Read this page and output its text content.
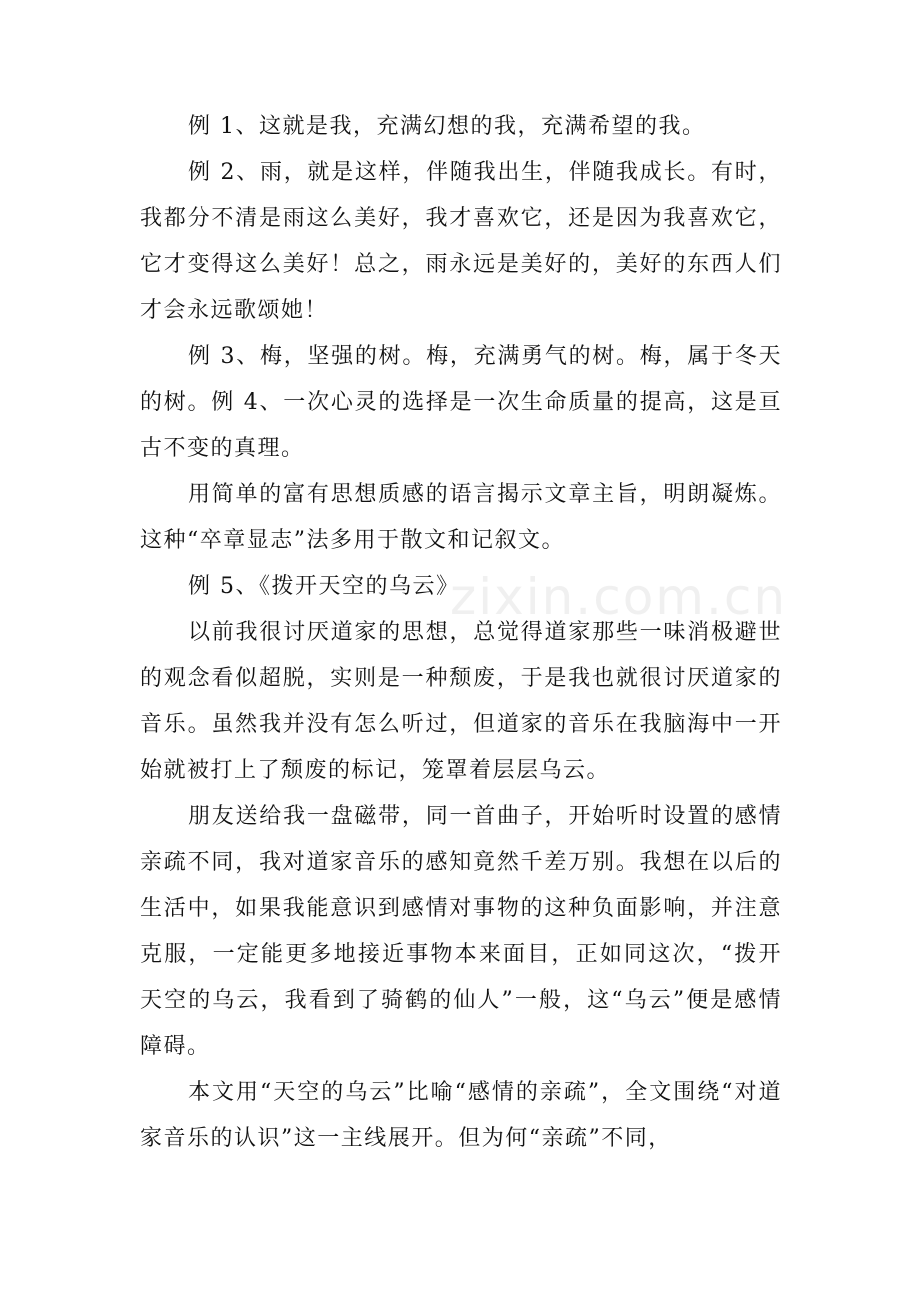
例 1、这就是我，充满幻想的我，充满希望的我。

例 2、雨，就是这样，伴随我出生，伴随我成长。有时，我都分不清是雨这么美好，我才喜欢它，还是因为我喜欢它，它才变得这么美好！总之，雨永远是美好的，美好的东西人们才会永远歌颂她！

例 3、梅，坚强的树。梅，充满勇气的树。梅，属于冬天的树。例 4、一次心灵的选择是一次生命质量的提高，这是亘古不变的真理。

用简单的富有思想质感的语言揭示文章主旨，明朗凝炼。这种“卒章显志”法多用于散文和记叙文。

例 5、《拨开天空的乌云》

以前我很讨厌道家的思想，总觉得道家那些一味消极避世的观念看似超脱，实则是一种颓废，于是我也就很讨厌道家的音乐。虽然我并没有怎么听过，但道家的音乐在我脑海中一开始就被打上了颓废的标记，笼罩着层层乌云。

朋友送给我一盘磁带，同一首曲子，开始听时设置的感情亲疏不同，我对道家音乐的感知竟然千差万别。我想在以后的生活中，如果我能意识到感情对事物的这种负面影响，并注意克服，一定能更多地接近事物本来面目，正如同这次，“拨开天空的乌云，我看到了骑鹤的仙人”一般，这“乌云”便是感情障碍。

本文用“天空的乌云”比喻“感情的亲疏”，全文围绕“对道家音乐的认识”这一主线展开。但为何“亲疏”不同，

zixin.com.cn
